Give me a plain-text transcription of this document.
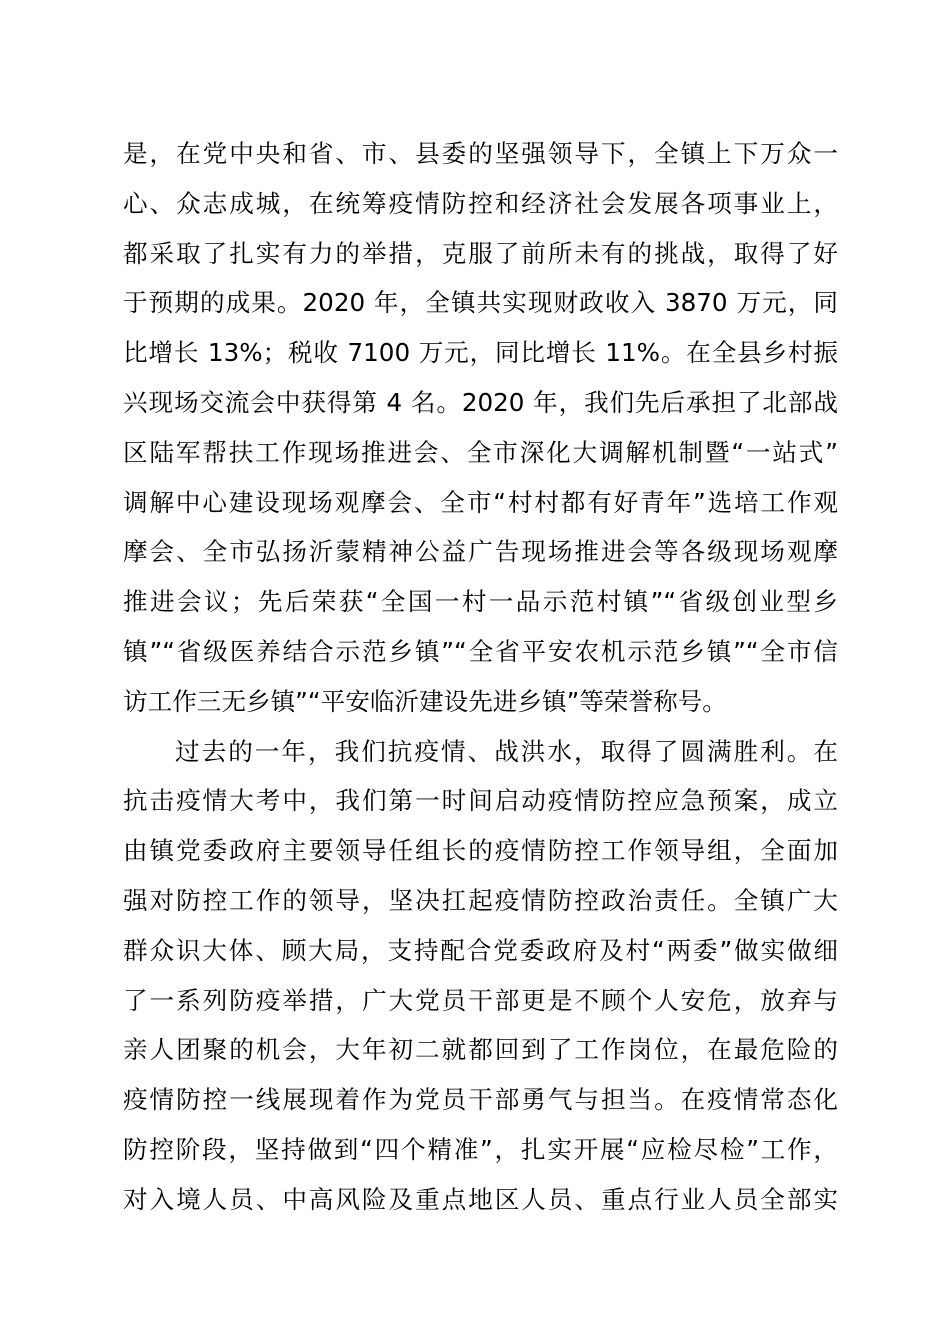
是，在党中央和省、市、县委的坚强领导下，全镇上下万众一
心、众志成城，在统筹疫情防控和经济社会发展各项事业上，
都采取了扎实有力的举措，克服了前所未有的挑战，取得了好
于预期的成果。2020 年，全镇共实现财政收入 3870 万元，同
比增长 13%；税收 7100 万元，同比增长 11%。在全县乡村振
兴现场交流会中获得第 4 名。2020 年，我们先后承担了北部战
区陆军帮扶工作现场推进会、全市深化大调解机制暨“一站式”
调解中心建设现场观摩会、全市“村村都有好青年”选培工作观
摩会、全市弘扬沂蒙精神公益广告现场推进会等各级现场观摩
推进会议；先后荣获“全国一村一品示范村镇”“省级创业型乡
镇”“省级医养结合示范乡镇”“全省平安农机示范乡镇”“全市信
访工作三无乡镇”“平安临沂建设先进乡镇”等荣誉称号。
过去的一年，我们抗疫情、战洪水，取得了圆满胜利。在
抗击疫情大考中，我们第一时间启动疫情防控应急预案，成立
由镇党委政府主要领导任组长的疫情防控工作领导组，全面加
强对防控工作的领导，坚决扛起疫情防控政治责任。全镇广大
群众识大体、顾大局，支持配合党委政府及村“两委”做实做细
了一系列防疫举措，广大党员干部更是不顾个人安危，放弃与
亲人团聚的机会，大年初二就都回到了工作岗位，在最危险的
疫情防控一线展现着作为党员干部勇气与担当。在疫情常态化
防控阶段，坚持做到“四个精准”，扎实开展“应检尽检”工作，
对入境人员、中高风险及重点地区人员、重点行业人员全部实
